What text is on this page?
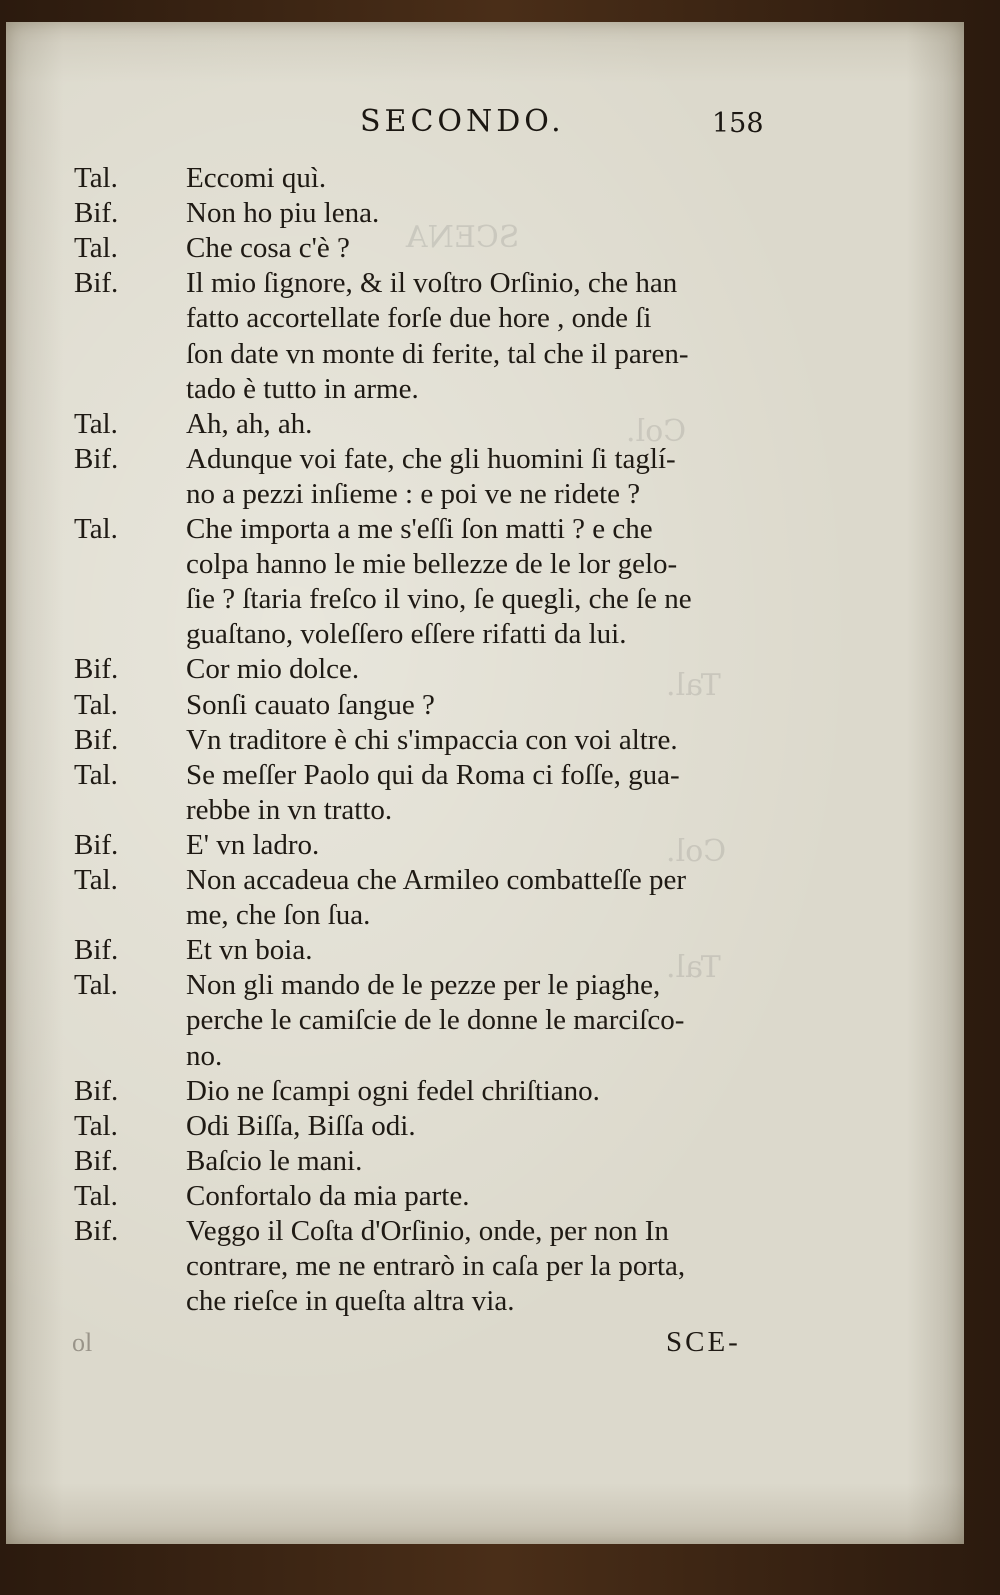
SCENA
Col.
Tal.
Col.
Tal.
SECONDO.	158
Tal.	Eccomi quì.
Bif.	Non ho piu lena.
Tal.	Che cosa c'è ?
Bif.	Il mio ſignore, & il voſtro Orſinio, che han
fatto accortellate forſe due hore , onde ſi
ſon date vn monte di ferite, tal che il paren-
tado è tutto in arme.
Tal.	Ah, ah, ah.
Bif.	Adunque voi fate, che gli huomini ſi taglí-
no a pezzi inſieme : e poi ve ne ridete ?
Tal.	Che importa a me s'eſſi ſon matti ? e che
colpa hanno le mie bellezze de le lor gelo-
ſie ? ſtaria freſco il vino, ſe quegli, che ſe ne
guaſtano, voleſſero eſſere rifatti da lui.
Bif.	Cor mio dolce.
Tal.	Sonſi cauato ſangue ?
Bif.	Vn traditore è chi s'impaccia con voi altre.
Tal.	Se meſſer Paolo qui da Roma ci foſſe, gua-
rebbe in vn tratto.
Bif.	E' vn ladro.
Tal.	Non accadeua che Armileo combatteſſe per
me, che ſon ſua.
Bif.	Et vn boia.
Tal.	Non gli mando de le pezze per le piaghe,
perche le camiſcie de le donne le marciſco-
no.
Bif.	Dio ne ſcampi ogni fedel chriſtiano.
Tal.	Odi Biſſa, Biſſa odi.
Bif.	Baſcio le mani.
Tal.	Confortalo da mia parte.
Bif.	Veggo il Coſta d'Orſinio, onde, per non In
contrare, me ne entrarò in caſa per la porta,
che rieſce in queſta altra via.
ol	SCE-
